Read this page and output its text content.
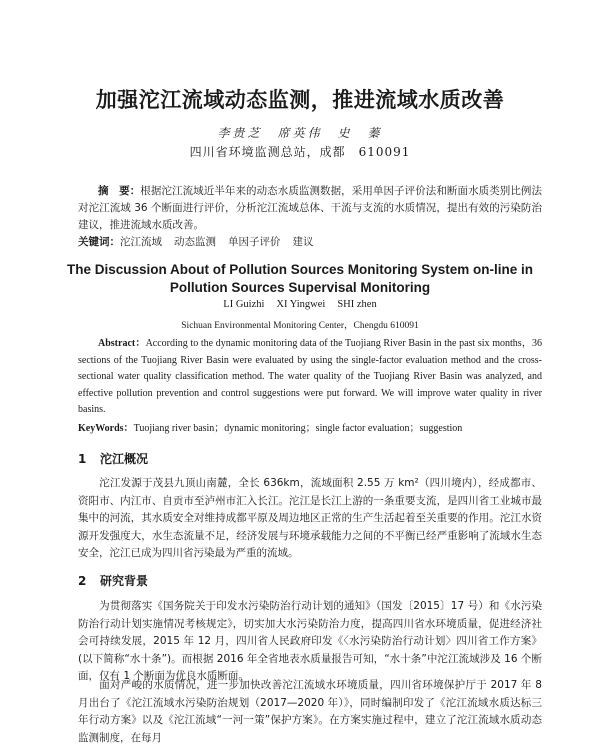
加强沱江流域动态监测，推进流域水质改善
李贵芝　席英伟　史　蓁
四川省环境监测总站，成都　610091
摘　要：根据沱江流域近半年来的动态水质监测数据，采用单因子评价法和断面水质类别比例法对沱江流域 36 个断面进行评价，分析沱江流域总体、干流与支流的水质情况，提出有效的污染防治建议，推进流域水质改善。
关键词：沱江流域 动态监测 单因子评价 建议
The Discussion About of Pollution Sources Monitoring System on-line in
Pollution Sources Supervisal Monitoring
LI Guizhi XI Yingwei SHI zhen
Sichuan Environmental Monitoring Center，Chengdu 610091
Abstract：According to the dynamic monitoring data of the Tuojiang River Basin in the past six months，36 sections of the Tuojiang River Basin were evaluated by using the single-factor evaluation method and the cross-sectional water quality classification method. The water quality of the Tuojiang River Basin was analyzed, and effective pollution prevention and control suggestions were put forward. We will improve water quality in river basins.
KeyWords：Tuojiang river basin；dynamic monitoring；single factor evaluation；suggestion
1 沱江概况
沱江发源于茂县九顶山南麓，全长 636km，流域面积 2.55 万 km²（四川境内），经成都市、资阳市、内江市、自贡市至泸州市汇入长江。沱江是长江上游的一条重要支流，是四川省工业城市最集中的河流，其水质安全对维持成都平原及周边地区正常的生产生活起着至关重要的作用。沱江水资源开发强度大，水生态流量不足，经济发展与环境承载能力之间的不平衡已经严重影响了流域水生态安全，沱江已成为四川省污染最为严重的流域。
2 研究背景
为贯彻落实《国务院关于印发水污染防治行动计划的通知》（国发〔2015〕17 号）和《水污染防治行动计划实施情况考核规定》，切实加大水污染防治力度，提高四川省水环境质量，促进经济社会可持续发展，2015 年 12 月，四川省人民政府印发《〈水污染防治行动计划〉四川省工作方案》(以下简称“水十条”)。而根据 2016 年全省地表水质量报告可知，“水十条”中沱江流域涉及 16 个断面，仅有 1 个断面为优良水质断面。
面对严峻的水质情况，进一步加快改善沱江流域水环境质量，四川省环境保护厅于 2017 年 8 月出台了《沱江流域水污染防治规划（2017—2020 年）》，同时编制印发了《沱江流域水质达标三年行动方案》以及《沱江流域“一河一策”保护方案》。在方案实施过程中，建立了沱江流域水质动态监测制度，在每月
